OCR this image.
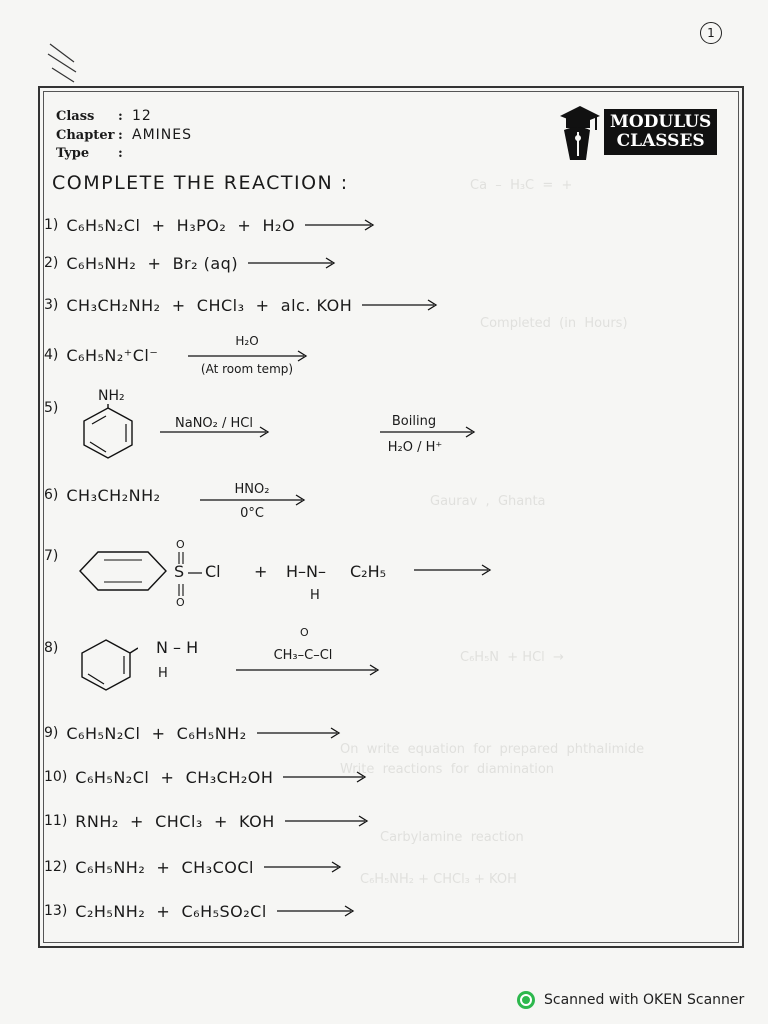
1
Ca  –  H₃C  =  +
Completed  (in  Hours)
Gaurav  ,  Ghanta
C₆H₅N  + HCl  →
On  write  equation  for  prepared  phthalimide
Write  reactions  for  diamination
Carbylamine  reaction
C₆H₅NH₂ + CHCl₃ + KOH
Class	: 12
Chapter : AMINES
Type	:
MODULUS
CLASSES
COMPLETE THE REACTION :
1) C₆H₅N₂Cl  +  H₃PO₂  +  H₂O
2) C₆H₅NH₂  +  Br₂ (aq)
3) CH₃CH₂NH₂  +  CHCl₃  +  alc. KOH
4) C₆H₅N₂⁺Cl⁻
H₂O
(At room temp)
5)
NH₂
NaNO₂ / HCl	Boiling
H₂O / H⁺
6) CH₃CH₂NH₂	HNO₂
0°C
7)
O
S Cl
O
+ H–N– C₂H₅
H
8)	N – H
H
O
CH₃–C–Cl
9) C₆H₅N₂Cl  +  C₆H₅NH₂
10) C₆H₅N₂Cl  +  CH₃CH₂OH
11) RNH₂  +  CHCl₃  +  KOH
12) C₆H₅NH₂  +  CH₃COCl
13) C₂H₅NH₂  +  C₆H₅SO₂Cl
Scanned with OKEN Scanner
